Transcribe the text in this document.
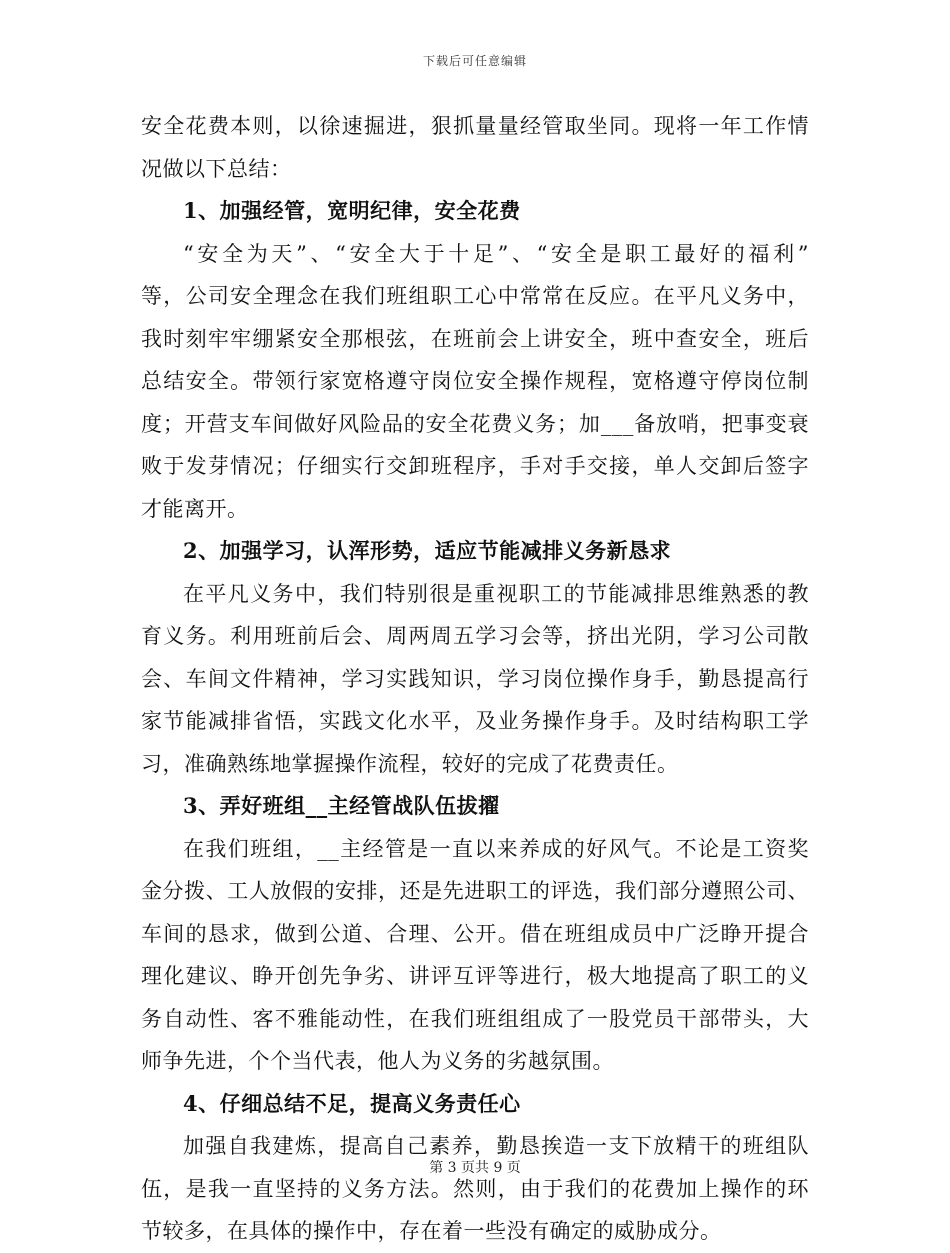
下载后可任意编辑
安全花费本则，以徐速掘进，狠抓量量经管取坐同。现将一年工作情
况做以下总结：
1、加强经管，宽明纪律，安全花费
“安全为天”、“安全大于十足”、“安全是职工最好的福利”
等，公司安全理念在我们班组职工心中常常在反应。在平凡义务中，
我时刻牢牢绷紧安全那根弦，在班前会上讲安全，班中查安全，班后
总结安全。带领行家宽格遵守岗位安全操作规程，宽格遵守停岗位制
度；开营支车间做好风险品的安全花费义务；加___备放哨，把事变衰
败于发芽情况；仔细实行交卸班程序，手对手交接，单人交卸后签字
才能离开。
2、加强学习，认浑形势，适应节能减排义务新恳求
在平凡义务中，我们特别很是重视职工的节能减排思维熟悉的教
育义务。利用班前后会、周两周五学习会等，挤出光阴，学习公司散
会、车间文件精神，学习实践知识，学习岗位操作身手，勤恳提高行
家节能减排省悟，实践文化水平，及业务操作身手。及时结构职工学
习，准确熟练地掌握操作流程，较好的完成了花费责任。
3、弄好班组__主经管战队伍拔擢
在我们班组，__主经管是一直以来养成的好风气。不论是工资奖
金分拨、工人放假的安排，还是先进职工的评选，我们部分遵照公司、
车间的恳求，做到公道、合理、公开。借在班组成员中广泛睁开提合
理化建议、睁开创先争劣、讲评互评等进行，极大地提高了职工的义
务自动性、客不雅能动性，在我们班组组成了一股党员干部带头，大
师争先进，个个当代表，他人为义务的劣越氛围。
4、仔细总结不足，提高义务责任心
加强自我建炼，提高自己素养，勤恳挨造一支下放精干的班组队
伍，是我一直坚持的义务方法。然则，由于我们的花费加上操作的环
节较多，在具体的操作中，存在着一些没有确定的威胁成分。
第 3 页共 9 页
